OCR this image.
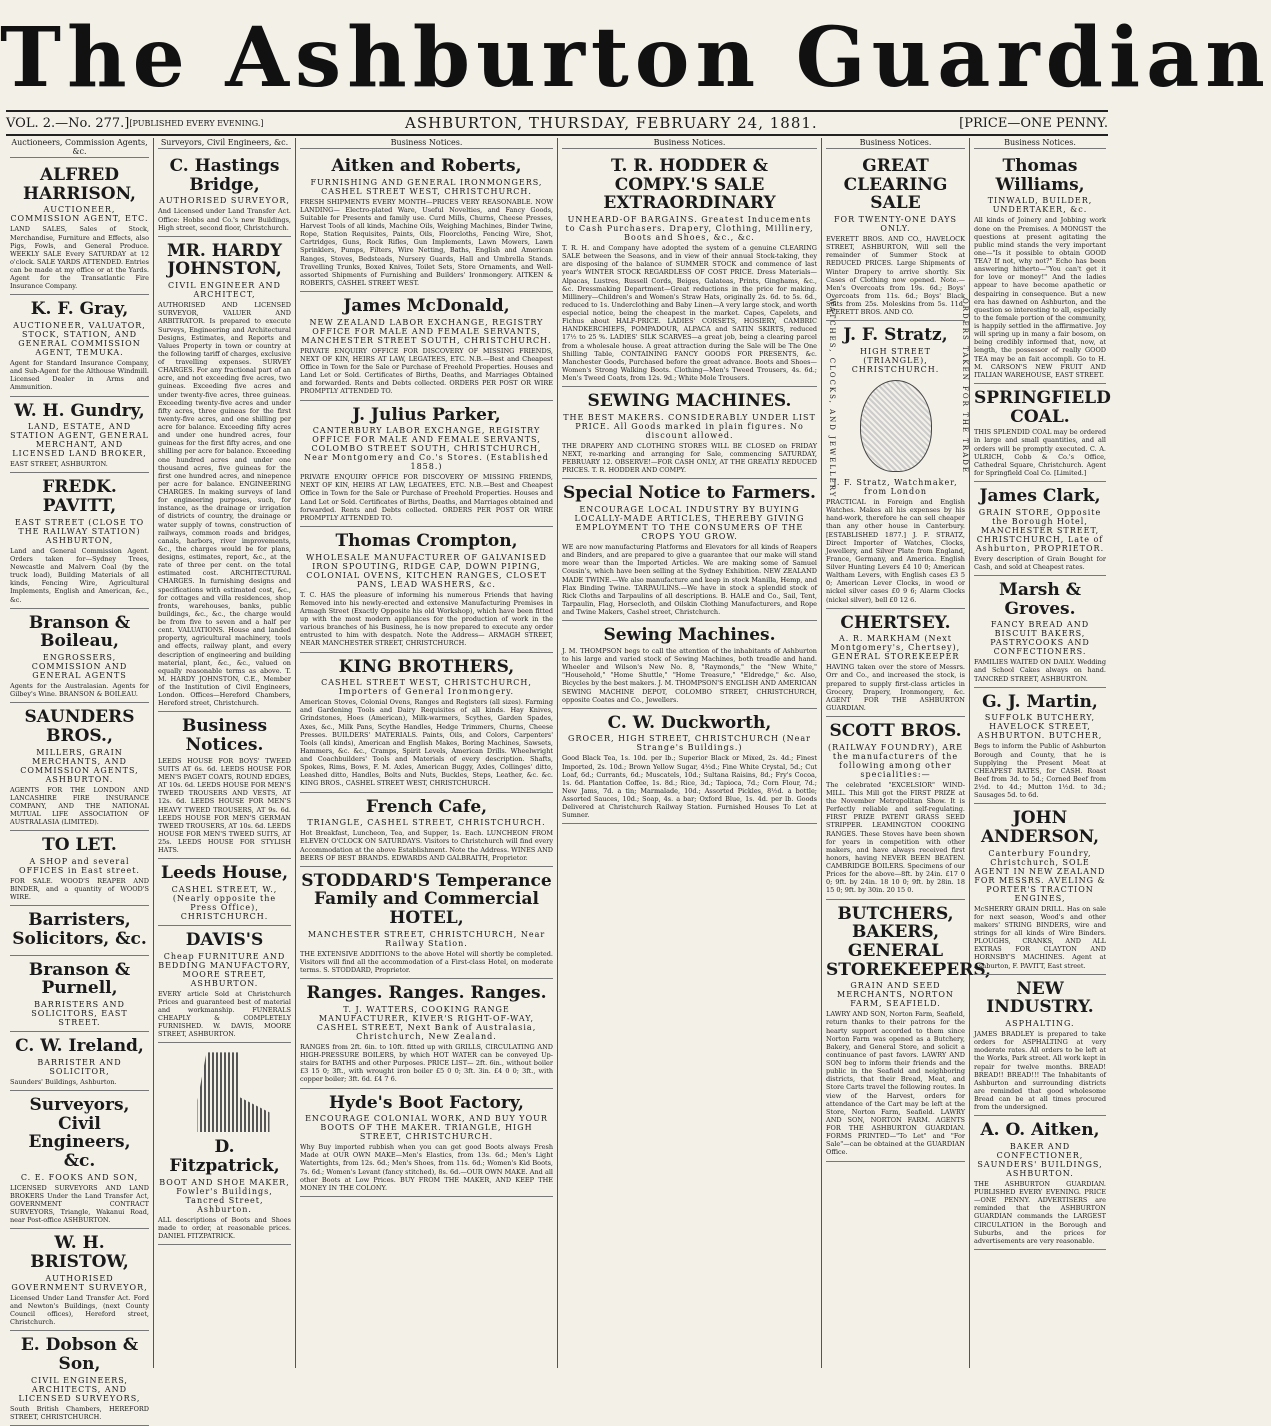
The Ashburton Guardian
VOL. 2.—No. 277.] [PUBLISHED EVERY EVENING.]	ASHBURTON, THURSDAY, FEBRUARY 24, 1881.	[PRICE—ONE PENNY.
Auctioneers, Commission Agents, &c.
ALFRED HARRISON,
AUCTIONEER, COMMISSION AGENT, ETC.
LAND SALES, Sales of Stock, Merchandise, Furniture and Effects, also Pigs, Fowls, and General Produce. WEEKLY SALE Every SATURDAY at 12 o'clock. SALE YARDS ATTENDED. Entries can be made at my office or at the Yards. Agent for the Transatlantic Fire Insurance Company.
K. F. Gray,
AUCTIONEER, VALUATOR, STOCK, STATION, AND GENERAL COMMISSION AGENT, TEMUKA.
Agent for Standard Insurance Company, and Sub-Agent for the Althouse Windmill. Licensed Dealer in Arms and Ammunition.
W. H. Gundry,
LAND, ESTATE, AND STATION AGENT, GENERAL MERCHANT, AND LICENSED LAND BROKER,
EAST STREET, ASHBURTON.
FREDK. PAVITT,
EAST STREET (CLOSE TO THE RAILWAY STATION) ASHBURTON,
Land and General Commission Agent. Orders taken for—Sydney Trees, Newcastle and Malvern Coal (by the truck load), Building Materials of all kinds, Fencing Wire, Agricultural Implements, English and American, &c., &c.
Branson & Boileau,
ENGROSSERS, COMMISSION AND GENERAL AGENTS
Agents for the Australasian. Agents for Gilbey's Wine. BRANSON & BOILEAU.
SAUNDERS BROS.,
MILLERS, GRAIN MERCHANTS, AND COMMISSION AGENTS, ASHBURTON.
AGENTS FOR THE LONDON AND LANCASHIRE FIRE INSURANCE COMPANY, AND THE NATIONAL MUTUAL LIFE ASSOCIATION OF AUSTRALASIA (LIMITED).
TO LET.
A SHOP and several OFFICES in East street.
FOR SALE. WOOD'S REAPER AND BINDER, and a quantity of WOOD'S WIRE.
Barristers, Solicitors, &c.
Branson & Purnell,
BARRISTERS AND SOLICITORS, EAST STREET.
C. W. Ireland,
BARRISTER AND SOLICITOR,
Saunders' Buildings, Ashburton.
Surveyors, Civil Engineers, &c.
C. E. FOOKS AND SON,
LICENSED SURVEYORS AND LAND BROKERS Under the Land Transfer Act, GOVERNMENT CONTRACT SURVEYORS, Triangle, Wakanui Road, near Post-office ASHBURTON.
W. H. BRISTOW,
AUTHORISED GOVERNMENT SURVEYOR,
Licensed Under Land Transfer Act. Ford and Newton's Buildings, (next County Council offices), Hereford street, Christchurch.
E. Dobson & Son,
CIVIL ENGINEERS, ARCHITECTS, AND LICENSED SURVEYORS,
South British Chambers, HEREFORD STREET, CHRISTCHURCH.
Surveyors, Civil Engineers, &c.
C. Hastings Bridge,
AUTHORISED SURVEYOR,
And Licensed under Land Transfer Act. Office: Hobbs and Co.'s new Buildings, High street, second floor, Christchurch.
MR. HARDY JOHNSTON,
CIVIL ENGINEER AND ARCHITECT,
AUTHORISED AND LICENSED SURVEYOR, VALUER AND ARBITRATOR. Is prepared to execute Surveys, Engineering and Architectural Designs, Estimates, and Reports and Values Property in town or country at the following tariff of charges, exclusive of travelling expenses. SURVEY CHARGES. For any fractional part of an acre, and not exceeding five acres, two guineas. Exceeding five acres and under twenty-five acres, three guineas. Exceeding twenty-five acres and under fifty acres, three guineas for the first twenty-five acres, and one shilling per acre for balance. Exceeding fifty acres and under one hundred acres, four guineas for the first fifty acres, and one shilling per acre for balance. Exceeding one hundred acres and under one thousand acres, five guineas for the first one hundred acres, and ninepence per acre for balance. ENGINEERING CHARGES. In making surveys of land for engineering purposes, such, for instance, as the drainage or irrigation of districts of country, the drainage or water supply of towns, construction of railways, common roads and bridges, canals, harbors, river improvements, &c., the charges would be for plans, designs, estimates, report, &c., at the rate of three per cent. on the total estimated cost. ARCHITECTURAL CHARGES. In furnishing designs and specifications with estimated cost, &c., for cottages and villa residences, shop fronts, warehouses, banks, public buildings, &c., &c., the charge would be from five to seven and a half per cent. VALUATIONS. House and landed property, agricultural machinery, tools and effects, railway plant, and every description of engineering and building material, plant, &c., &c., valued on equally reasonable terms as above. T. M. HARDY JOHNSTON, C.E., Member of the Institution of Civil Engineers, London. Offices—Hereford Chambers, Hereford street, Christchurch.
Business Notices.
LEEDS HOUSE FOR BOYS' TWEED SUITS AT 6s. 6d. LEEDS HOUSE FOR MEN'S PAGET COATS, ROUND EDGES, AT 10s. 6d. LEEDS HOUSE FOR MEN'S TWEED TROUSERS AND VESTS, AT 12s. 6d. LEEDS HOUSE FOR MEN'S HEAVY TWEED TROUSERS, AT 9s. 6d. LEEDS HOUSE FOR MEN'S GERMAN TWEED TROUSERS, AT 10s. 6d. LEEDS HOUSE FOR MEN'S TWEED SUITS, AT 25s. LEEDS HOUSE FOR STYLISH HATS.
Leeds House,
CASHEL STREET, W., (Nearly opposite the Press Office), CHRISTCHURCH.
DAVIS'S
Cheap FURNITURE AND BEDDING MANUFACTORY, MOORE STREET, ASHBURTON.
EVERY article Sold at Christchurch Prices and guaranteed best of material and workmanship. FUNERALS CHEAPLY & COMPLETELY FURNISHED. W. DAVIS, MOORE STREET, ASHBURTON.
D. Fitzpatrick,
BOOT AND SHOE MAKER, Fowler's Buildings, Tancred Street, Ashburton.
ALL descriptions of Boots and Shoes made to order, at reasonable prices. DANIEL FITZPATRICK.
Business Notices.
Aitken and Roberts,
FURNISHING AND GENERAL IRONMONGERS, CASHEL STREET WEST, CHRISTCHURCH.
FRESH SHIPMENTS EVERY MONTH—PRICES VERY REASONABLE. NOW LANDING— Electro-plated Ware, Useful Novelties, and Fancy Goods, Suitable for Presents and family use. Curd Mills, Churns, Cheese Presses, Harvest Tools of all kinds, Machine Oils, Weighing Machines, Binder Twine, Rope, Station Requisites, Paints, Oils, Floorcloths, Fencing Wire, Shot, Cartridges, Guns, Rock Rifles, Gun Implements, Lawn Mowers, Lawn Sprinklers, Pumps, Filters, Wire Netting, Baths, English and American Ranges, Stoves, Bedsteads, Nursery Guards, Hall and Umbrella Stands. Travelling Trunks, Boxed Knives, Toilet Sets, Store Ornaments, and Well-assorted Shipments of Furnishing and Builders' Ironmongery. AITKEN & ROBERTS, CASHEL STREET WEST.
James McDonald,
NEW ZEALAND LABOR EXCHANGE, REGISTRY OFFICE FOR MALE AND FEMALE SERVANTS, MANCHESTER STREET SOUTH, CHRISTCHURCH.
PRIVATE ENQUIRY OFFICE FOR DISCOVERY OF MISSING FRIENDS, NEXT OF KIN, HEIRS AT LAW, LEGATEES, ETC. N.B.—Best and Cheapest Office in Town for the Sale or Purchase of Freehold Properties. Houses and Land Let or Sold. Certificates of Births, Deaths, and Marriages Obtained and forwarded. Rents and Debts collected. ORDERS PER POST OR WIRE PROMPTLY ATTENDED TO.
J. Julius Parker,
CANTERBURY LABOR EXCHANGE, REGISTRY OFFICE FOR MALE AND FEMALE SERVANTS, COLOMBO STREET SOUTH, CHRISTCHURCH, Near Montgomery and Co.'s Stores. (Established 1858.)
PRIVATE ENQUIRY OFFICE FOR DISCOVERY OF MISSING FRIENDS, NEXT OF KIN, HEIRS AT LAW, LEGATEES, ETC. N.B.—Best and Cheapest Office in Town for the Sale or Purchase of Freehold Properties. Houses and Land Let or Sold. Certificates of Births, Deaths, and Marriages obtained and forwarded. Rents and Debts collected. ORDERS PER POST OR WIRE PROMPTLY ATTENDED TO.
Thomas Crompton,
WHOLESALE MANUFACTURER OF GALVANISED IRON SPOUTING, RIDGE CAP, DOWN PIPING, COLONIAL OVENS, KITCHEN RANGES, CLOSET PANS, LEAD WASHERS, &c.
T. C. HAS the pleasure of informing his numerous Friends that having Removed into his newly-erected and extensive Manufacturing Premises in Armagh Street (Exactly Opposite his old Workshop), which have been fitted up with the most modern appliances for the production of work in the various branches of his Business, he is now prepared to execute any order entrusted to him with despatch. Note the Address— ARMAGH STREET, NEAR MANCHESTER STREET, CHRISTCHURCH.
KING BROTHERS,
CASHEL STREET WEST, CHRISTCHURCH, Importers of General Ironmongery.
American Stoves, Colonial Ovens, Ranges and Registers (all sizes). Farming and Gardening Tools and Dairy Requisites of all kinds. Hay Knives, Grindstones, Hoes (American), Milk-warmers, Scythes, Garden Spades, Axes, &c., Milk Pans, Scythe Handles, Hedge Trimmers, Churns, Cheese Presses. BUILDERS' MATERIALS. Paints, Oils, and Colors, Carpenters' Tools (all kinds), American and English Makes, Boring Machines, Sawsets, Hammers, &c. &c., Cramps, Spirit Levels, American Drills. Wheelwright and Coachbuilders' Tools and Materials of every description. Shafts, Spokes, Rims, Bows, F. M. Axles, American Buggy, Axles, Collinges' ditto, Leashed ditto, Handles, Bolts and Nuts, Buckles, Steps, Leather, &c. &c. KING BROS., CASHEL STREET WEST, CHRISTCHURCH.
French Cafe,
TRIANGLE, CASHEL STREET, CHRISTCHURCH.
Hot Breakfast, Luncheon, Tea, and Supper, 1s. Each. LUNCHEON FROM ELEVEN O'CLOCK ON SATURDAYS. Visitors to Christchurch will find every Accommodation at the above Establishment. Note the Address. WINES AND BEERS OF BEST BRANDS. EDWARDS AND GALBRAITH, Proprietor.
STODDARD'S Temperance Family and Commercial HOTEL,
MANCHESTER STREET, CHRISTCHURCH, Near Railway Station.
THE EXTENSIVE ADDITIONS to the above Hotel will shortly be completed. Visitors will find all the accommodation of a First-class Hotel, on moderate terms. S. STODDARD, Proprietor.
Ranges. Ranges. Ranges.
T. J. WATTERS, COOKING RANGE MANUFACTURER, KIVER'S RIGHT-OF-WAY, CASHEL STREET, Next Bank of Australasia, Christchurch, New Zealand.
RANGES from 2ft. 6in. to 10ft. fitted up with GRILLS, CIRCULATING AND HIGH-PRESSURE BOILERS, by which HOT WATER can be conveyed Up-stairs for BATHS and other Purposes. PRICE LIST— 2ft. 6in., without boiler £3 15 0; 3ft., with wrought iron boiler £5 0 0; 3ft. 3in. £4 0 0; 3ft., with copper boiler; 3ft. 6d. £4 7 6.
Hyde's Boot Factory,
ENCOURAGE COLONIAL WORK, AND BUY YOUR BOOTS OF THE MAKER. TRIANGLE, HIGH STREET, CHRISTCHURCH.
Why Buy imported rubbish when you can get good Boots always Fresh Made at OUR OWN MAKE—Men's Elastics, from 13s. 6d.; Men's Light Watertights, from 12s. 6d.; Men's Shoes, from 11s. 6d.; Women's Kid Boots, 7s. 6d.; Women's Levant (fancy stitched), 8s. 6d.—OUR OWN MAKE. And all other Boots at Low Prices. BUY FROM THE MAKER, AND KEEP THE MONEY IN THE COLONY.
Business Notices.
T. R. HODDER & COMPY.'S SALE EXTRAORDINARY
UNHEARD-OF BARGAINS. Greatest Inducements to Cash Purchasers. Drapery, Clothing, Millinery, Boots and Shoes, &c., &c.
T. R. H. and Company have adopted the system of a genuine CLEARING SALE between the Seasons, and in view of their annual Stock-taking, they are disposing of the balance of SUMMER STOCK and commence of last year's WINTER STOCK REGARDLESS OF COST PRICE. Dress Materials—Alpacas, Lustres, Russell Cords, Beiges, Galateas, Prints, Ginghams, &c., &c. Dressmaking Department—Great reductions in the price for making. Millinery—Children's and Women's Straw Hats, originally 2s. 6d. to 5s. 6d., reduced to 1s. Underclothing and Baby Linen—A very large stock, and worth especial notice, being the cheapest in the market. Capes, Capelets, and Fichus about HALF-PRICE. LADIES' CORSETS, HOSIERY, CAMBRIC HANDKERCHIEFS, POMPADOUR, ALPACA and SATIN SKIRTS, reduced 17½ to 25 %. LADIES' SILK SCARVES—a great job, being a clearing parcel from a wholesale house. A great attraction during the Sale will be The One Shilling Table, CONTAINING FANCY GOODS FOR PRESENTS, &c. Manchester Goods, Purchased before the great advance. Boots and Shoes—Women's Strong Walking Boots. Clothing—Men's Tweed Trousers, 4s. 6d.; Men's Tweed Coats, from 12s. 9d.; White Mole Trousers.
SEWING MACHINES.
THE BEST MAKERS. CONSIDERABLY UNDER LIST PRICE. All Goods marked in plain figures. No discount allowed.
THE DRAPERY AND CLOTHING STORES WILL BE CLOSED on FRIDAY NEXT, re-marking and arranging for Sale, commencing SATURDAY, FEBRUARY 12. OBSERVE!—FOR CASH ONLY, AT THE GREATLY REDUCED PRICES. T. R. HODDER AND COMPY.
Special Notice to Farmers.
ENCOURAGE LOCAL INDUSTRY BY BUYING LOCALLY-MADE ARTICLES, THEREBY GIVING EMPLOYMENT TO THE CONSUMERS OF THE CROPS YOU GROW.
WE are now manufacturing Platforms and Elevators for all kinds of Reapers and Binders, and are prepared to give a guarantee that our make will stand more wear than the Imported Articles. We are making some of Samuel Cousin's, which have been selling at the Sydney Exhibition. NEW ZEALAND MADE TWINE.—We also manufacture and keep in stock Manilla, Hemp, and Flax Binding Twine. TARPAULINS.—We have in stock a splendid stock of Rick Cloths and Tarpaulins of all descriptions. B. HALE and Co., Sail, Tent, Tarpaulin, Flag, Horsecloth, and Oilskin Clothing Manufacturers, and Rope and Twine Makers, Cashel street, Christchurch.
Sewing Machines.
J. M. THOMPSON begs to call the attention of the inhabitants of Ashburton to his large and varied stock of Sewing Machines, both treadle and hand. Wheeler and Wilson's New No. 8, "Raymonds," the "New White," "Household," "Home Shuttle," "Home Treasure," "Eldredge," &c. Also, Bicycles by the best makers. J. M. THOMPSON'S ENGLISH AND AMERICAN SEWING MACHINE DEPOT, COLOMBO STREET, CHRISTCHURCH, opposite Coates and Co., Jewellers.
C. W. Duckworth,
GROCER, HIGH STREET, CHRISTCHURCH (Near Strange's Buildings.)
Good Black Tea, 1s. 10d. per lb.; Superior Black or Mixed, 2s. 4d.; Finest Imported, 2s. 10d.; Brown Yellow Sugar, 4½d.; Fine White Crystal, 5d.; Cut Loaf, 6d.; Currants, 6d.; Muscatels, 10d.; Sultana Raisins, 8d.; Fry's Cocoa, 1s. 6d. Plantation Coffee, 1s. 8d.; Rice, 3d.; Tapioca, 7d.; Corn Flour, 7d.; New Jams, 7d. a tin; Marmalade, 10d.; Assorted Pickles, 8½d. a bottle; Assorted Sauces, 10d.; Soap, 4s. a bar; Oxford Blue, 1s. 4d. per lb. Goods Delivered at Christchurch Railway Station. Furnished Houses To Let at Sumner.
Business Notices.
GREAT CLEARING SALE
FOR TWENTY-ONE DAYS ONLY.
EVERETT BROS. AND CO., HAVELOCK STREET, ASHBURTON, Will sell the remainder of Summer Stock at REDUCED PRICES. Large Shipments of Winter Drapery to arrive shortly. Six Cases of Clothing now opened. Note.—Men's Overcoats from 19s. 6d.; Boys' Overcoats from 11s. 6d.; Boys' Black Suits from 25s. Moleskins from 5s. 11d. EVERETT BROS. AND CO.
J. F. Stratz,
HIGH STREET (TRIANGLE), CHRISTCHURCH.
J. F. Stratz, Watchmaker, from London
PRACTICAL in Foreign and English Watches. Makes all his expenses by his hand-work, therefore he can sell cheaper than any other house in Canterbury. [ESTABLISHED 1877.] J. F. STRATZ, Direct Importer of Watches, Clocks, Jewellery, and Silver Plate from England, France, Germany, and America. English Silver Hunting Levers £4 10 0; American Waltham Levers, with English cases £3 5 0; American Lever Clocks, in wood or nickel silver cases £0 9 6; Alarm Clocks (nickel silver), bell £0 12 6.
CHERTSEY.
A. R. MARKHAM (Next Montgomery's, Chertsey), GENERAL STOREKEEPER
HAVING taken over the store of Messrs. Orr and Co., and increased the stock, is prepared to supply first-class articles in Grocery, Drapery, Ironmongery, &c. AGENT FOR THE ASHBURTON GUARDIAN.
SCOTT BROS.
(RAILWAY FOUNDRY), ARE the manufacturers of the following among other specialities:—
The celebrated "EXCELSIOR" WIND-MILL. This Mill got the FIRST PRIZE at the November Metropolitan Show. It is Perfectly reliable and self-regulating. FIRST PRIZE PATENT GRASS SEED STRIPPER. LEAMINGTON COOKING RANGES. These Stoves have been shown for years in competition with other makers, and have always received first honors, having NEVER BEEN BEATEN. CAMBRIDGE BOILERS. Specimens of our Prices for the above—8ft. by 24in. £17 0 0; 9ft. by 24in. 18 10 0; 9ft. by 28in. 18 15 0; 9ft. by 30in. 20 15 0.
BUTCHERS, BAKERS, GENERAL STOREKEEPERS,
GRAIN AND SEED MERCHANTS, NORTON FARM, SEAFIELD.
LAWRY AND SON, Norton Farm, Seafield, return thanks to their patrons for the hearty support accorded to them since Norton Farm was opened as a Butchery, Bakery, and General Store, and solicit a continuance of past favors. LAWRY AND SON beg to inform their friends and the public in the Seafield and neighboring districts, that their Bread, Meat, and Store Carts travel the following routes. In view of the Harvest, orders for attendance of the Cart may be left at the Store, Norton Farm, Seafield. LAWRY AND SON, NORTON FARM. AGENTS FOR THE ASHBURTON GUARDIAN. FORMS PRINTED—"To Let" and "For Sale"—can be obtained at the GUARDIAN Office.
WATCHES, CLOCKS, AND JEWELLERY	ORDERS TAKEN FOR THE TRADE
Business Notices.
Thomas Williams,
TINWALD, BUILDER, UNDERTAKER, &c.
All kinds of Joinery and Jobbing work done on the Premises. A MONGST the questions at present agitating the public mind stands the very important one—"Is it possible to obtain GOOD TEA? If not, why not?" Echo has been answering hitherto—"You can't get it for love or money!" And the ladies appear to have become apathetic or despairing in consequence. But a new era has dawned on Ashburton, and the question so interesting to all, especially to the female portion of the community, is happily settled in the affirmative. Joy will spring up in many a fair bosom, on being credibly informed that, now, at length, the possessor of really GOOD TEA may be an fait accompli. Go to H. M. CARSON'S NEW FRUIT AND ITALIAN WAREHOUSE, EAST STREET.
SPRINGFIELD COAL.
THIS SPLENDID COAL may be ordered in large and small quantities, and all orders will be promptly executed. C. A. ULRICH, Cobb & Co.'s Office, Cathedral Square, Christchurch. Agent for Springfield Coal Co. [Limited.]
James Clark,
GRAIN STORE, Opposite the Borough Hotel, MANCHESTER STREET, CHRISTCHURCH, Late of Ashburton, PROPRIETOR.
Every description of Grain Bought for Cash, and sold at Cheapest rates.
Marsh & Groves.
FANCY BREAD AND BISCUIT BAKERS, PASTRYCOOKS AND CONFECTIONERS.
FAMILIES WAITED ON DAILY. Wedding and School Cakes always on hand. TANCRED STREET, ASHBURTON.
G. J. Martin,
SUFFOLK BUTCHERY, HAVELOCK STREET, ASHBURTON. BUTCHER,
Begs to inform the Public of Ashburton Borough and County, that he is Supplying the Present Meat at CHEAPEST RATES, for CASH. Roast Beef from 3d. to 5d.; Corned Beef from 2½d. to 4d.; Mutton 1½d. to 3d.; Sausages 5d. to 6d.
JOHN ANDERSON,
Canterbury Foundry, Christchurch, SOLE AGENT IN NEW ZEALAND FOR MESSRS. AVELING & PORTER'S TRACTION ENGINES,
McSHERRY GRAIN DRILL. Has on sale for next season, Wood's and other makers' STRING BINDERS, wire and strings for all kinds of Wire Binders. PLOUGHS, CRANKS, AND ALL EXTRAS FOR CLAYTON AND HORNSBY'S MACHINES. Agent at Ashburton, F. PAVITT, East street.
NEW INDUSTRY.
ASPHALTING.
JAMES BRADLEY is prepared to take orders for ASPHALTING at very moderate rates. All orders to be left at the Works, Park street. All work kept in repair for twelve months. BREAD! BREAD!! BREAD!!! The Inhabitants of Ashburton and surrounding districts are reminded that good wholesome Bread can be at all times procured from the undersigned.
A. O. Aitken,
BAKER AND CONFECTIONER, SAUNDERS' BUILDINGS, ASHBURTON.
THE ASHBURTON GUARDIAN. PUBLISHED EVERY EVENING. PRICE—ONE PENNY. ADVERTISERS are reminded that the ASHBURTON GUARDIAN commands the LARGEST CIRCULATION in the Borough and Suburbs, and the prices for advertisements are very reasonable.
